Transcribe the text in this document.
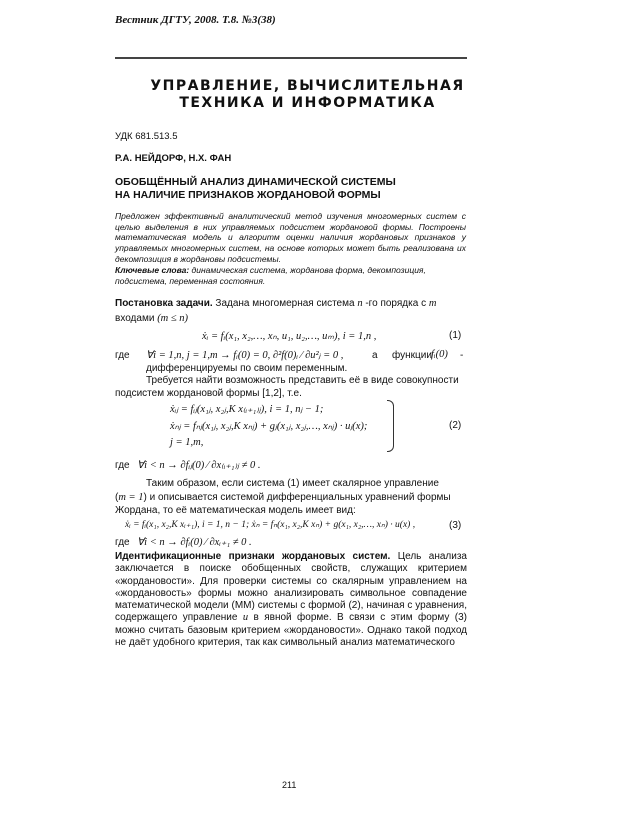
Вестник ДГТУ, 2008. Т.8. №3(38)
УПРАВЛЕНИЕ, ВЫЧИСЛИТЕЛЬНАЯ
ТЕХНИКА И ИНФОРМАТИКА
УДК 681.513.5
Р.А. НЕЙДОРФ, Н.Х. ФАН
ОБОБЩЁННЫЙ АНАЛИЗ ДИНАМИЧЕСКОЙ СИСТЕМЫ
НА НАЛИЧИЕ ПРИЗНАКОВ ЖОРДАНОВОЙ ФОРМЫ
Предложен эффективный аналитический метод изучения многомерных систем с целью выделения в них управляемых подсистем жордановой формы. Построены математическая модель и алгоритм оценки наличия жордановых признаков у управляемых многомерных систем, на основе которых может быть реализована их декомпозиция в жордановы подсистемы.
Ключевые слова: динамическая система, жорданова форма, декомпозиция, подсистема, переменная состояния.
Постановка задачи. Задана многомерная система n -го порядка с m
входами (m ≤ n)
ẋᵢ = fᵢ(x₁, x₂,…, xₙ, u₁, u₂,…, uₘ), i = 1,n ,	(1)
где ∀i = 1,n, j = 1,m → fᵢ(0) = 0, ∂²f(0)ᵢ ⁄ ∂u²ⱼ = 0 ,	а функции fᵢ(0) -
дифференцируемы по своим переменным.
Требуется найти возможность представить её в виде совокупности
подсистем жордановой формы [1,2], т.е.
ẋᵢⱼ = fᵢⱼ(x₁ⱼ, x₂ⱼ,K x₍ᵢ₊₁₎ⱼ), i = 1, nⱼ − 1;
ẋₙⱼ = fₙⱼ(x₁ⱼ, x₂ⱼ,K xₙⱼ) + gⱼ(x₁ⱼ, x₂ⱼ,…, xₙⱼ) · uⱼ(x);
j = 1,m,
(2)
где ∀i < n → ∂fᵢⱼ(0) ⁄ ∂x₍ᵢ₊₁₎ⱼ ≠ 0 .
Таким образом, если система (1) имеет скалярное управление
(m = 1) и описывается системой дифференциальных уравнений формы
Жордана, то её математическая модель имеет вид:
ẋᵢ = fᵢ(x₁, x₂,K xᵢ₊₁), i = 1, n − 1; ẋₙ = fₙ(x₁, x₂,K xₙ) + g(x₁, x₂,…, xₙ) · u(x) ,	(3)
где ∀i < n → ∂fᵢ(0) ⁄ ∂xᵢ₊₁ ≠ 0 .
Идентификационные признаки жордановых систем. Цель анализа заключается в поиске обобщенных свойств, служащих критерием «жордановости». Для проверки системы со скалярным управлением на «жордановость» формы можно анализировать символьное совпадение математической модели (ММ) системы с формой (2), начиная с уравнения, содержащего управление u в явной форме. В связи с этим форму (3) можно считать базовым критерием «жордановости». Однако такой подход не даёт удобного критерия, так как символьный анализ математического
211
